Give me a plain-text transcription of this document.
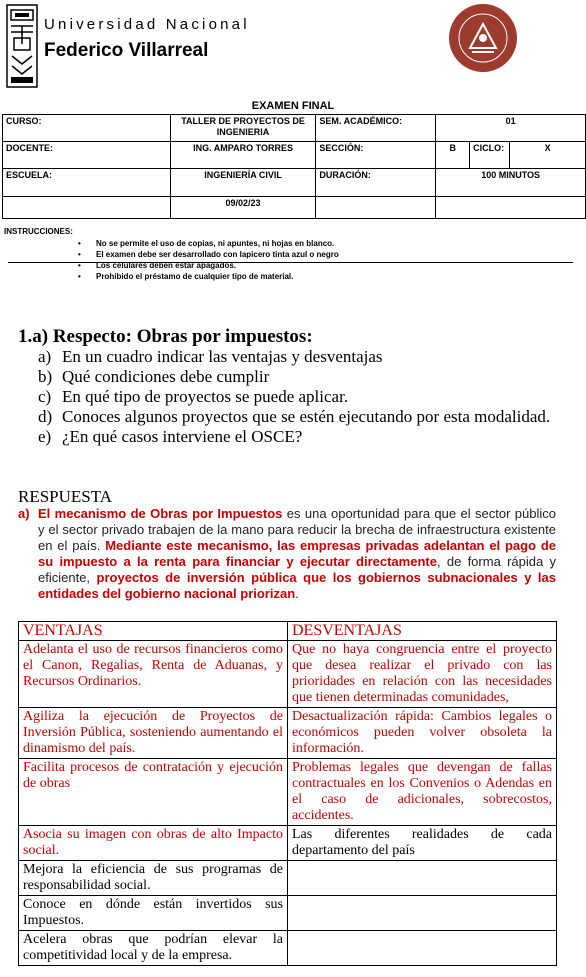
Universidad Nacional
Federico Villarreal
EXAMEN FINAL
CURSO:	TALLER DE PROYECTOS DE INGENIERIA	SEM. ACADÉMICO:	01		
DOCENTE:	ING. AMPARO TORRES	SECCIÓN:	B	CICLO:	X
ESCUELA:	INGENIERÍA CIVIL	DURACIÓN:	100 MINUTOS		
	09/02/23				
INSTRUCCIONES:
• No se permite el uso de copias, ni apuntes, ni hojas en blanco.
• El examen debe ser desarrollado con lapicero tinta azul o negro
• Los celulares deben estar apagados.
• Prohibido el préstamo de cualquier tipo de material.
1.a) Respecto: Obras por impuestos:
a) En un cuadro indicar las ventajas y desventajas
b) Qué condiciones debe cumplir
c) En qué tipo de proyectos se puede aplicar.
d) Conoces algunos proyectos que se estén ejecutando por esta modalidad.
e) ¿En qué casos interviene el OSCE?
RESPUESTA
a) El mecanismo de Obras por Impuestos es una oportunidad para que el sector público y el sector privado trabajen de la mano para reducir la brecha de infraestructura existente en el país. Mediante este mecanismo, las empresas privadas adelantan el pago de su impuesto a la renta para financiar y ejecutar directamente, de forma rápida y eficiente, proyectos de inversión pública que los gobiernos subnacionales y las entidades del gobierno nacional priorizan.
VENTAJAS	DESVENTAJAS
Adelanta el uso de recursos financieros como el Canon, Regalias, Renta de Aduanas, y Recursos Ordinarios.	Que no haya congruencia entre el proyecto que desea realizar el privado con las prioridades en relación con las necesidades que tienen determinadas comunidades,
Agiliza la ejecución de Proyectos de Inversión Pública, sosteniendo aumentando el dinamismo del país.	Desactualización rápida: Cambios legales o económicos pueden volver obsoleta la información.
Facilita procesos de contratación y ejecución de obras	Problemas legales que devengan de fallas contractuales en los Convenios o Adendas en el caso de adicionales, sobrecostos, accidentes.
Asocia su imagen con obras de alto Impacto social.	Las diferentes realidades de cada departamento del país
Mejora la eficiencia de sus programas de responsabilidad social.	
Conoce en dónde están invertidos sus Impuestos.	
Acelera obras que podrían elevar la competitividad local y de la empresa.	
